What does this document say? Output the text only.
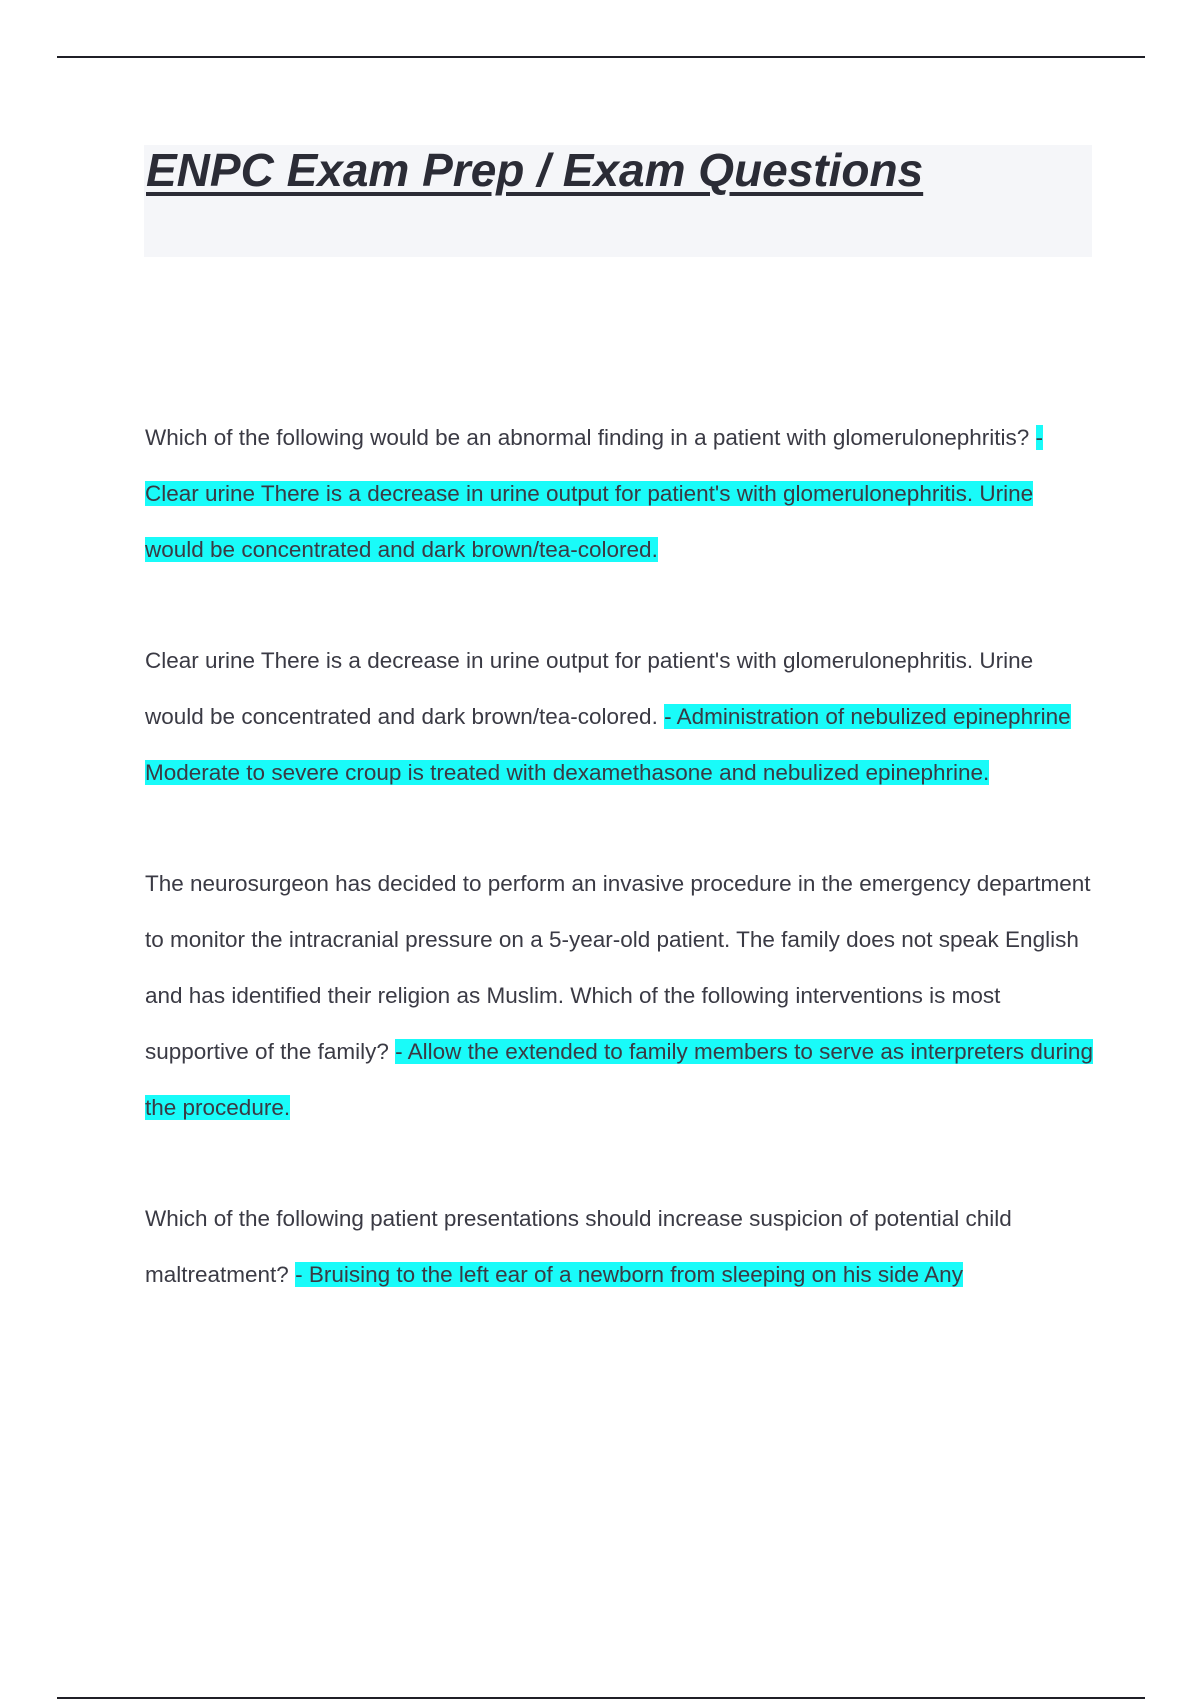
ENPC Exam Prep / Exam Questions

Which of the following would be an abnormal finding in a patient with glomerulonephritis? - Clear urine There is a decrease in urine output for patient's with glomerulonephritis. Urine would be concentrated and dark brown/tea-colored.

Clear urine There is a decrease in urine output for patient's with glomerulonephritis. Urine would be concentrated and dark brown/tea-colored. - Administration of nebulized epinephrine Moderate to severe croup is treated with dexamethasone and nebulized epinephrine.

The neurosurgeon has decided to perform an invasive procedure in the emergency department to monitor the intracranial pressure on a 5-year-old patient. The family does not speak English and has identified their religion as Muslim. Which of the following interventions is most supportive of the family? - Allow the extended to family members to serve as interpreters during the procedure.

Which of the following patient presentations should increase suspicion of potential child maltreatment? - Bruising to the left ear of a newborn from sleeping on his side Any
